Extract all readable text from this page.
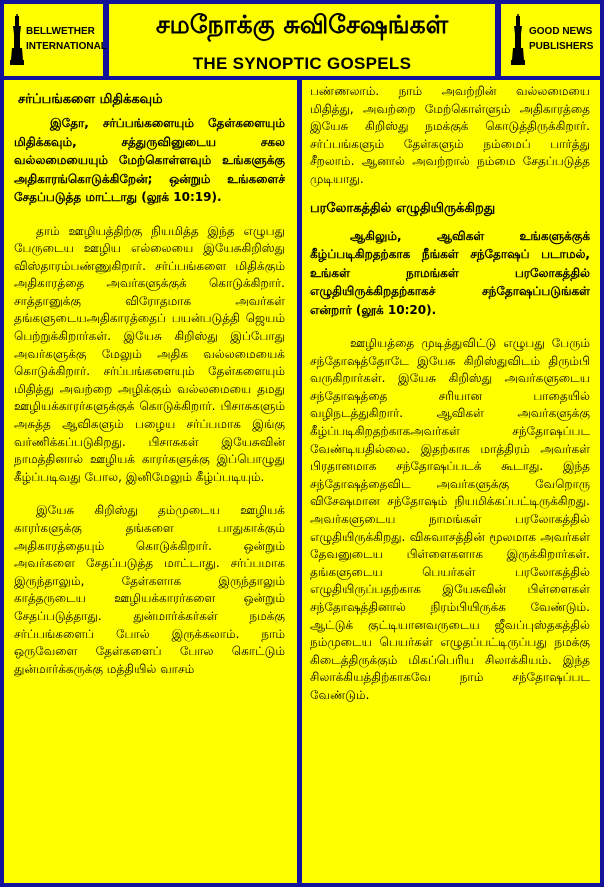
BELLWETHER
INTERNATIONAL
சமநோக்கு சுவிசேஷங்கள்
THE SYNOPTIC GOSPELS
GOOD NEWS
PUBLISHERS
சர்ப்பங்களை மிதிக்கவும்

இதோ, சர்ப்பங்களையும் தேள்களையும் மிதிக்கவும், சத்துருவினுடைய சகல வல்லமையையும் மேற்கொள்ளவும் உங்களுக்கு அதிகாரங்கொடுக்கிறேன்; ஒன்றும் உங்களைச் சேதப்படுத்த மாட்டாது (லூக் 10:19).

தாம் ஊழியத்திற்கு நியமித்த இந்த எழுபது பேருடைய ஊழிய எல்லையை இயேசுகிறிஸ்து விஸ்தாரம்பண்ணுகிறார். சர்ப்பங்களை மிதிக்கும் அதிகாரத்தை அவர்களுக்குக் கொடுக்கிறார். சாத்தானுக்கு விரோதமாக அவர்கள் தங்களுடையஅதிகாரத்தைப் பயன்படுத்தி ஜெயம் பெற்றுக்கிறார்கள். இயேசு கிறிஸ்து இப்போது அவர்களுக்கு மேலும் அதிக வல்லமையைக் கொடுக்கிறார். சர்ப்பங்களையும் தேள்களையும் மிதித்து அவற்றை அழிக்கும் வல்லமையை தமது ஊழியக்காரர்களுக்குக் கொடுக்கிறார். பிசாசுகளும் அசுத்த ஆவிகளும் பழைய சர்ப்பமாக இங்கு வர்ணிக்கப்படுகிறது. பிசாசுகள் இயேசுவின் நாமத்தினால் ஊழியக் காரர்களுக்கு இப்பொழுது கீழ்ப்படிவது போல, இனிமேலும் கீழ்ப்படியும்.

இயேசு கிறிஸ்து தம்முடைய ஊழியக் காரர்களுக்கு தங்களை பாதுகாக்கும் அதிகாரத்தையும் கொடுக்கிறார். ஒன்றும் அவர்களை சேதப்படுத்த மாட்டாது. சர்ப்பமாக இருந்தாலும், தேள்களாக இருந்தாலும் காத்தருடைய ஊழியக்காரர்களை ஒன்றும் சேதப்படுத்தாது. துன்மார்க்கர்கள் நமக்கு சர்ப்பங்களைப் போல் இருக்கலாம். நாம் ஒருவேளை தேள்களைப் போல கொட்டும் துன்மார்க்கருக்கு மத்தியில் வாசம்

பண்ணலாம். நாம் அவற்றின் வல்லமையை மிதித்து, அவற்றை மேற்கொள்ளும் அதிகாரத்தை இயேசு கிறிஸ்து நமக்குக் கொடுத்திருக்கிறார். சர்ப்பங்களும் தேள்களும் நம்மைப் பார்த்து சீறலாம். ஆனால் அவற்றால் நம்மை சேதப்படுத்த முடியாது.

பரலோகத்தில் எழுதியிருக்கிறது

ஆகிலும், ஆவிகள் உங்களுக்குக் கீழ்ப்படிகிறதற்காக நீங்கள் சந்தோஷப் படாமல், உங்கள் நாமங்கள் பரலோகத்தில் எழுதியிருக்கிறதற்காகச் சந்தோஷப்படுங்கள் என்றார் (லூக் 10:20).

ஊழியத்தை முடித்துவிட்டு எழுபது பேரும் சந்தோஷத்தோடே இயேசு கிறிஸ்துவிடம் திரும்பி வருகிறார்கள். இயேசு கிறிஸ்து அவர்களுடைய சந்தோஷத்தை சரியான பாதையில் வழிநடத்துகிறார். ஆவிகள் அவர்களுக்கு கீழ்ப்படிகிறதற்காகஅவர்கள் சந்தோஷப்பட வேண்டியதில்லை. இதற்காக மாத்திரம் அவர்கள் பிரதானமாக சந்தோஷப்படக் கூடாது. இந்த சந்தோஷத்தைவிட அவர்களுக்கு வேறொரு விசேஷமான சந்தோஷம் நியமிக்கப்பட்டிருக்கிறது. அவர்களுடைய நாமங்கள் பரலோகத்தில் எழுதியிருக்கிறது. விசுவாசத்தின் மூலமாக அவர்கள் தேவனுடைய பிள்ளைகளாக இருக்கிறார்கள். தங்களுடைய பெயர்கள் பரலோகத்தில் எழுதியிருப்பதற்காக இயேசுவின் பிள்ளைகள் சந்தோஷத்தினால் நிரம்பியிருக்க வேண்டும். ஆட்டுக் குட்டியானவருடைய ஜீவப்புஸ்தகத்தில் நம்முடைய பெயர்கள் எழுதப்பட்டிருப்பது நமக்கு கிடைத்திருக்கும் மிகப்பெரிய சிலாக்கியம். இந்த சிலாக்கியத்திற்காகவே நாம் சந்தோஷப்பட வேண்டும்.
